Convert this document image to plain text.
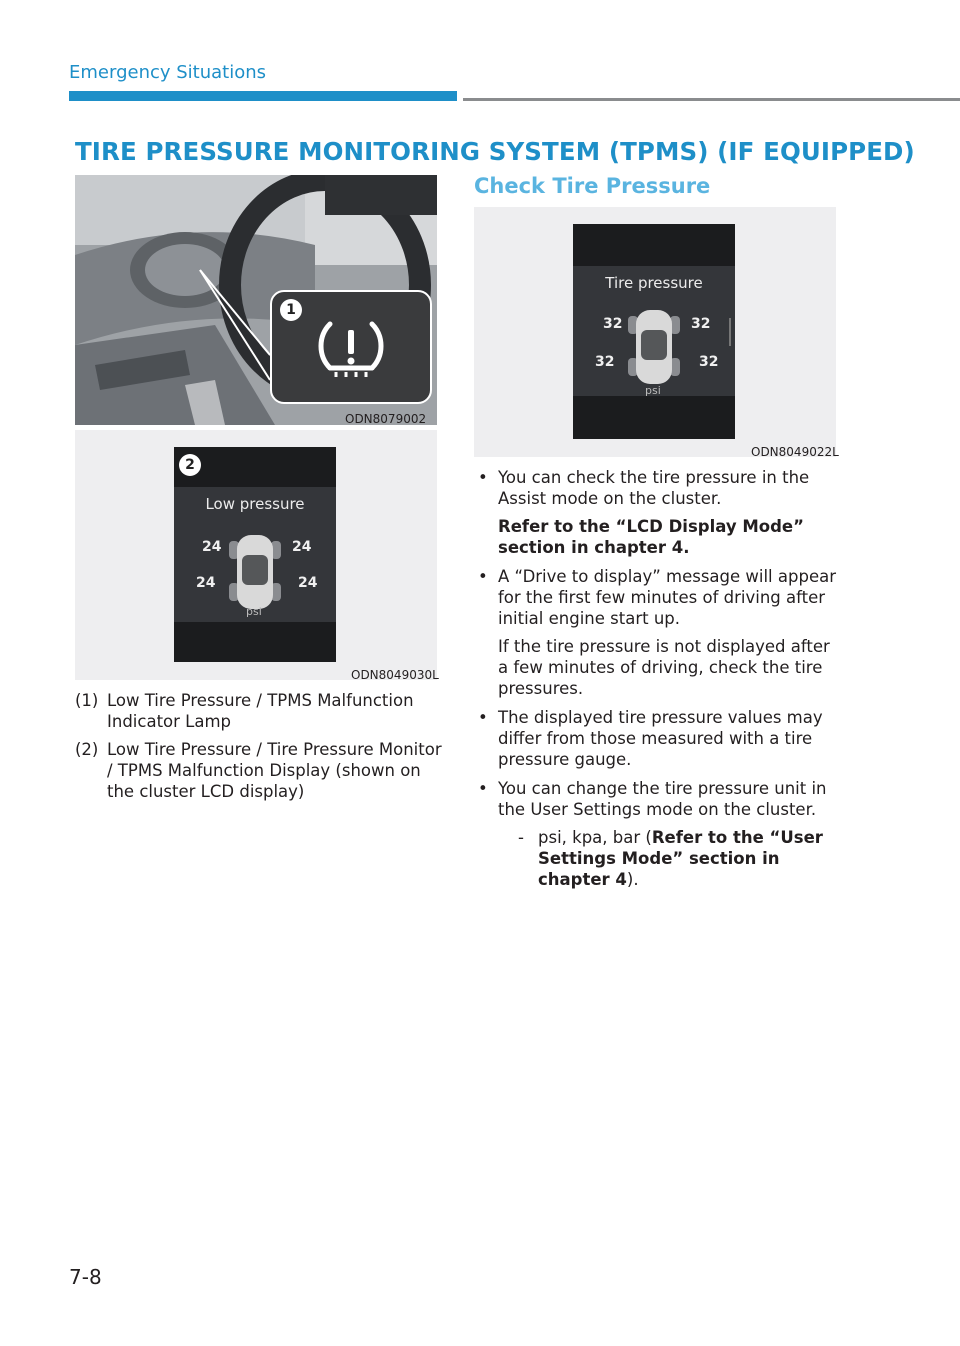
Emergency Situations
TIRE PRESSURE MONITORING SYSTEM (TPMS) (IF EQUIPPED)
1
ODN8079002
2
Low pressure
24	24
24	24
psi
ODN8049030L
(1) Low Tire Pressure / TPMS Malfunction Indicator Lamp
(2) Low Tire Pressure / Tire Pressure Monitor / TPMS Malfunction Display (shown on the cluster LCD display)
Check Tire Pressure
Tire pressure
32	32
32	32
psi
ODN8049022L
• You can check the tire pressure in the Assist mode on the cluster.

Refer to the “LCD Display Mode” section in chapter 4.

• A “Drive to display” message will appear for the first few minutes of driving after initial engine start up.

If the tire pressure is not displayed after a few minutes of driving, check the tire pressures.

• The displayed tire pressure values may differ from those measured with a tire pressure gauge.

• You can change the tire pressure unit in the User Settings mode on the cluster.

- psi, kpa, bar (Refer to the “User Settings Mode” section in chapter 4).
7-8
